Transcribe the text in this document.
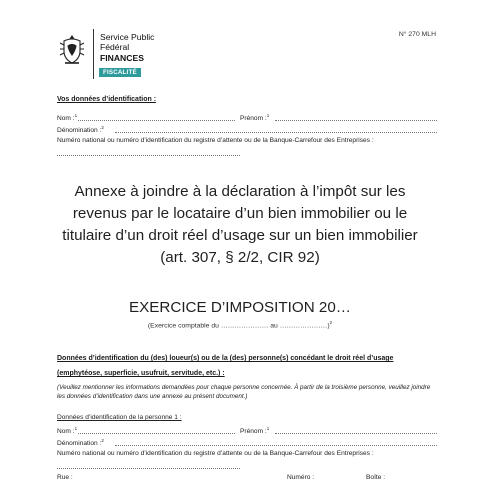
Service Public
Fédéral
FINANCES
FISCALITÉ
N° 270 MLH
Vos données d’identification :
Nom :$^1$	Prénom :$^1$
Dénomination :$^2$
Numéro national ou numéro d’identification du registre d’attente ou de la Banque-Carrefour des Entreprises :
Annexe à joindre à la déclaration à l’impôt sur les
revenus par le locataire d’un bien immobilier ou le
titulaire d’un droit réel d’usage sur un bien immobilier
(art. 307, § 2/2, CIR 92)
EXERCICE D’IMPOSITION 20…
(Exercice comptable du ………………… au …………………)$^2$
Données d’identification du (des) loueur(s) ou de la (des) personne(s) concédant le droit réel d’usage
(emphytéose, superficie, usufruit, servitude, etc.) :
(Veuillez mentionner les informations demandées pour chaque personne concernée. À partir de la troisième personne, veuillez joindre les données d’identification dans une annexe au présent document.)
Données d’identification de la personne 1 :
Nom :$^1$	Prénom :$^1$
Dénomination :$^2$
Numéro national ou numéro d’identification du registre d’attente ou de la Banque-Carrefour des Entreprises :
Rue :	Numéro :	Boîte :
